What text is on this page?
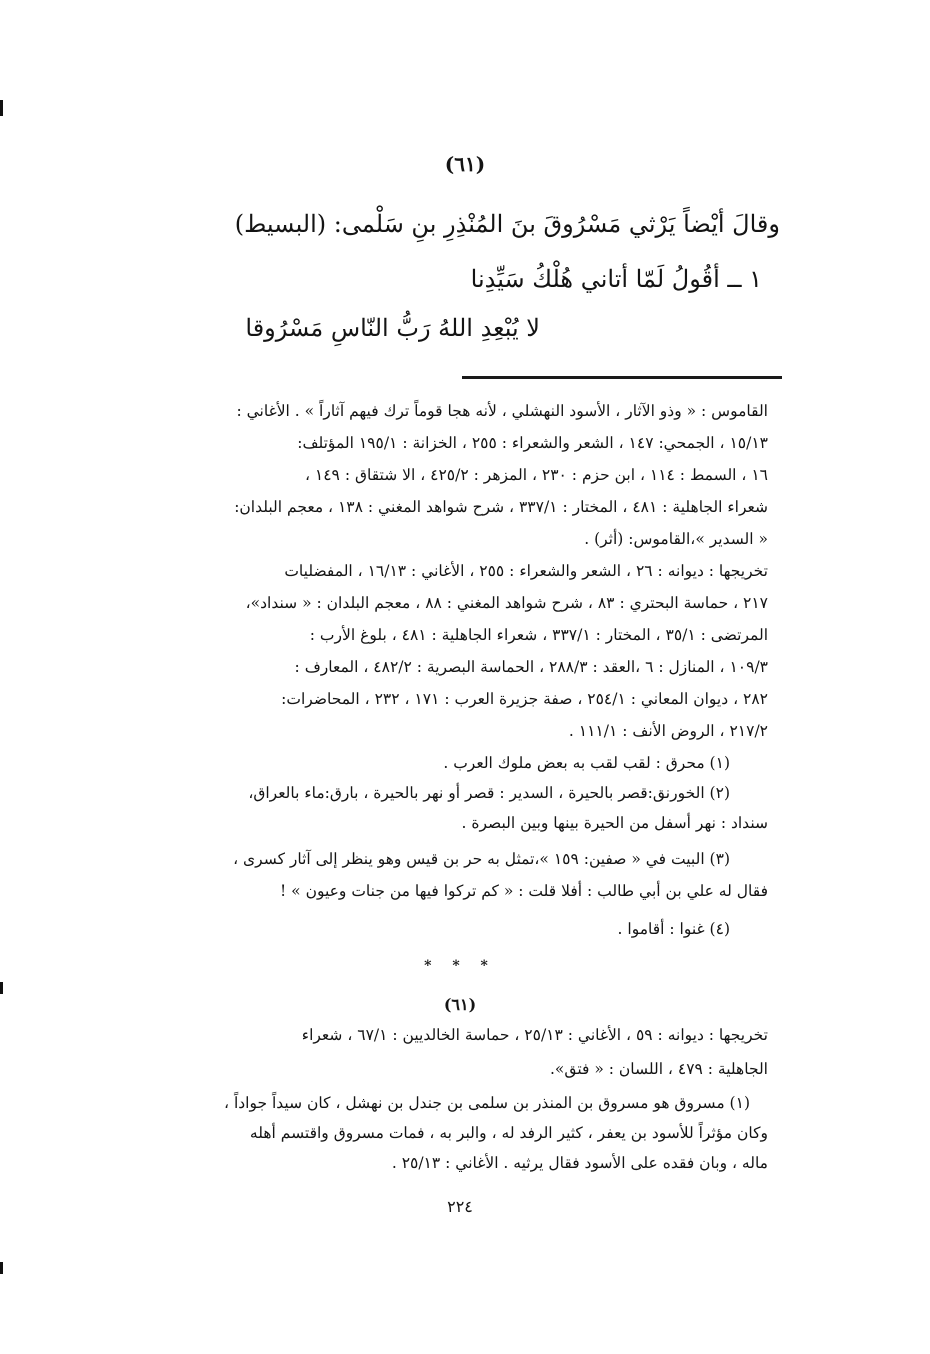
(٦١)
وقالَ أيْضاً يَرْثي مَسْرُوقَ بنَ المُنْذِرِ بنِ سَلْمى: (البسيط)
١ ــ أقُولُ لَمّا أتاني هُلْكُ سَيِّدِنا
لا يُبْعِدِ اللهُ رَبُّ النّاسِ مَسْرُوقا
القاموس : « وذو الآثار ، الأسود النهشلي ، لأنه هجا قوماً ترك فيهم آثاراً » . الأغاني :
١٥/١٣ ، الجمحي: ١٤٧ ، الشعر والشعراء : ٢٥٥ ، الخزانة : ١٩٥/١ المؤتلف:
١٦ ، السمط : ١١٤ ، ابن حزم : ٢٣٠ ، المزهر : ٤٢٥/٢ ، الا شتقاق : ١٤٩ ،
شعراء الجاهلية : ٤٨١ ، المختار : ٣٣٧/١ ، شرح شواهد المغني : ١٣٨ ، معجم البلدان:
« السدير »،القاموس: (أثر) .
تخريجها : ديوانه : ٢٦ ، الشعر والشعراء : ٢٥٥ ، الأغاني : ١٦/١٣ ، المفضليات
٢١٧ ، حماسة البحتري : ٨٣ ، شرح شواهد المغني : ٨٨ ، معجم البلدان : « سنداد»،
المرتضى : ٣٥/١ ، المختار : ٣٣٧/١ ، شعراء الجاهلية : ٤٨١ ، بلوغ الأرب :
١٠٩/٣ ، المنازل : ٦ ،العقد : ٢٨٨/٣ ، الحماسة البصرية : ٤٨٢/٢ ، المعارف :
٢٨٢ ، ديوان المعاني : ٢٥٤/١ ، صفة جزيرة العرب : ١٧١ ، ٢٣٢ ، المحاضرات:
٢١٧/٢ ، الروض الأنف : ١١١/١ .
(١) محرق : لقب لقب به بعض ملوك العرب .
(٢) الخورنق:قصر بالحيرة ، السدير : قصر أو نهر بالحيرة ، بارق:ماء بالعراق،
سنداد : نهر أسفل من الحيرة بينها وبين البصرة .
(٣) البيت في « صفين: ١٥٩ »،تمثل به حر بن قيس وهو ينظر إلى آثار كسرى ،
فقال له علي بن أبي طالب : أفلا قلت : « كم تركوا فيها من جنات وعيون » !
(٤) غنوا : أقاموا .
* * *
(٦١)
تخريجها : ديوانه : ٥٩ ، الأغاني : ٢٥/١٣ ، حماسة الخالديين : ٦٧/١ ، شعراء
الجاهلية : ٤٧٩ ، اللسان : « فتق».
(١) مسروق هو مسروق بن المنذر بن سلمى بن جندل بن نهشل ، كان سيداً جواداً ،
وكان مؤثراً للأسود بن يعفر ، كثير الرفد له ، والبر به ، فمات مسروق واقتسم أهله
ماله ، وبان فقده على الأسود فقال يرثيه . الأغاني : ٢٥/١٣ .
٢٢٤
